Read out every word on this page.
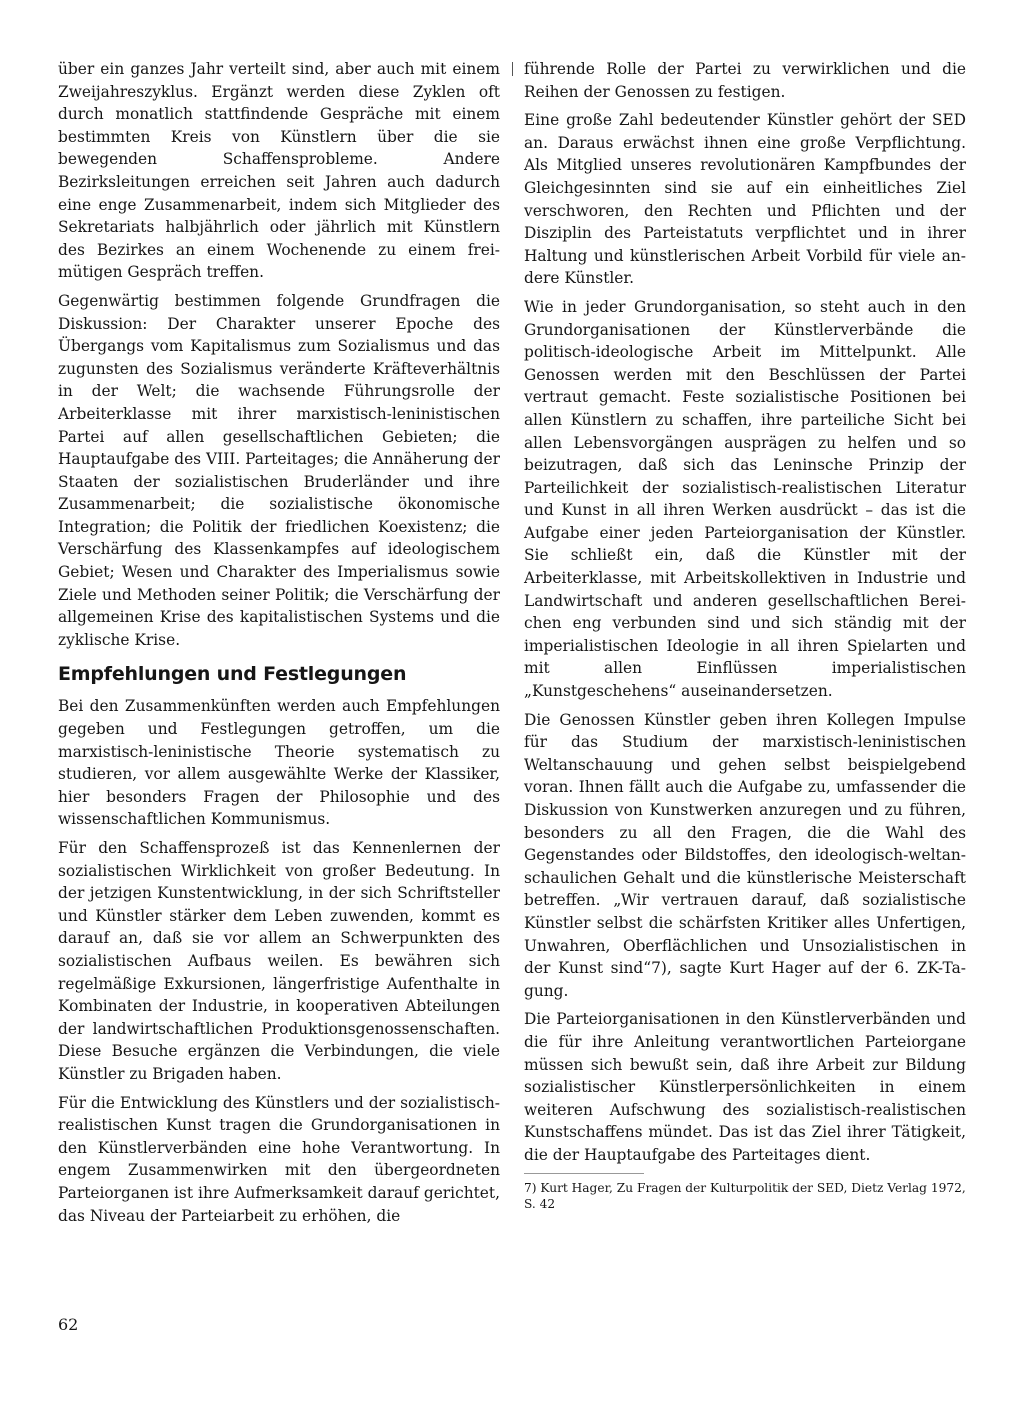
über ein ganzes Jahr verteilt sind, aber auch mit einem Zweijahreszyklus. Ergänzt werden diese Zyklen oft durch monatlich stattfindende Gespräche mit einem bestimmten Kreis von Künstlern über die sie bewegenden Schaffensprobleme. Andere Bezirksleitungen erreichen seit Jahren auch dadurch eine enge Zusammenarbeit, indem sich Mitglieder des Sekretariats halbjährlich oder jährlich mit Künstlern des Bezirkes an einem Wochenende zu einem freimütigen Gespräch treffen.

Gegenwärtig bestimmen folgende Grundfragen die Diskussion: Der Charakter unserer Epoche des Übergangs vom Kapitalismus zum Sozialismus und das zugunsten des Sozialismus veränderte Kräfteverhältnis in der Welt; die wachsende Führungsrolle der Arbeiterklasse mit ihrer marxistisch-leninistischen Partei auf allen gesellschaftlichen Gebieten; die Hauptaufgabe des VIII. Parteitages; die Annäherung der Staaten der sozialistischen Bruderländer und ihre Zusammenarbeit; die sozialistische ökonomische Integration; die Politik der friedlichen Koexistenz; die Verschärfung des Klassenkampfes auf ideologischem Gebiet; Wesen und Charakter des Imperialismus sowie Ziele und Methoden seiner Politik; die Verschärfung der allgemeinen Krise des kapitalistischen Systems und die zyklische Krise.

Empfehlungen und Festlegungen

Bei den Zusammenkünften werden auch Empfehlungen gegeben und Festlegungen getroffen, um die marxistisch-leninistische Theorie systematisch zu studieren, vor allem ausgewählte Werke der Klassiker, hier besonders Fragen der Philosophie und des wissenschaftlichen Kommunismus.

Für den Schaffensprozeß ist das Kennenlernen der sozialistischen Wirklichkeit von großer Bedeutung. In der jetzigen Kunstentwicklung, in der sich Schriftsteller und Künstler stärker dem Leben zuwenden, kommt es darauf an, daß sie vor allem an Schwerpunkten des sozialistischen Aufbaus weilen. Es bewähren sich regelmäßige Exkursionen, längerfristige Aufenthalte in Kombinaten der Industrie, in kooperativen Abteilungen der landwirtschaftlichen Produktionsgenossenschaften. Diese Besuche ergänzen die Verbindungen, die viele Künstler zu Brigaden haben.

Für die Entwicklung des Künstlers und der sozialistisch-realistischen Kunst tragen die Grundorganisationen in den Künstlerverbänden eine hohe Verantwortung. In engem Zusammenwirken mit den übergeordneten Parteiorganen ist ihre Aufmerksamkeit darauf gerichtet, das Niveau der Parteiarbeit zu erhöhen, die

führende Rolle der Partei zu verwirklichen und die Reihen der Genossen zu festigen.

Eine große Zahl bedeutender Künstler gehört der SED an. Daraus erwächst ihnen eine große Verpflichtung. Als Mitglied unseres revolutionären Kampfbundes der Gleichgesinnten sind sie auf ein einheitliches Ziel verschworen, den Rechten und Pflichten und der Disziplin des Parteistatuts verpflichtet und in ihrer Haltung und künstlerischen Arbeit Vorbild für viele andere Künstler.

Wie in jeder Grundorganisation, so steht auch in den Grundorganisationen der Künstlerverbände die politisch-ideologische Arbeit im Mittelpunkt. Alle Genossen werden mit den Beschlüssen der Partei vertraut gemacht. Feste sozialistische Positionen bei allen Künstlern zu schaffen, ihre parteiliche Sicht bei allen Lebensvorgängen ausprägen zu helfen und so beizutragen, daß sich das Leninsche Prinzip der Parteilichkeit der sozialistisch-realistischen Literatur und Kunst in all ihren Werken ausdrückt – das ist die Aufgabe einer jeden Parteiorganisation der Künstler. Sie schließt ein, daß die Künstler mit der Arbeiterklasse, mit Arbeitskollektiven in Industrie und Landwirtschaft und anderen gesellschaftlichen Bereichen eng verbunden sind und sich ständig mit der imperialistischen Ideologie in all ihren Spielarten und mit allen Einflüssen imperialistischen „Kunstgeschehens“ auseinandersetzen.

Die Genossen Künstler geben ihren Kollegen Impulse für das Studium der marxistisch-leninistischen Weltanschauung und gehen selbst beispielgebend voran. Ihnen fällt auch die Aufgabe zu, umfassender die Diskussion von Kunstwerken anzuregen und zu führen, besonders zu all den Fragen, die die Wahl des Gegenstandes oder Bildstoffes, den ideologisch-weltanschaulichen Gehalt und die künstlerische Meisterschaft betreffen. „Wir vertrauen darauf, daß sozialistische Künstler selbst die schärfsten Kritiker alles Unfertigen, Unwahren, Oberflächlichen und Unsozialistischen in der Kunst sind“7), sagte Kurt Hager auf der 6. ZK-Tagung.

Die Parteiorganisationen in den Künstlerverbänden und die für ihre Anleitung verantwortlichen Parteiorgane müssen sich bewußt sein, daß ihre Arbeit zur Bildung sozialistischer Künstlerpersönlichkeiten in einem weiteren Aufschwung des sozialistisch-realistischen Kunstschaffens mündet. Das ist das Ziel ihrer Tätigkeit, die der Hauptaufgabe des Parteitages dient.

7) Kurt Hager, Zu Fragen der Kulturpolitik der SED, Dietz Verlag 1972, S. 42
62
